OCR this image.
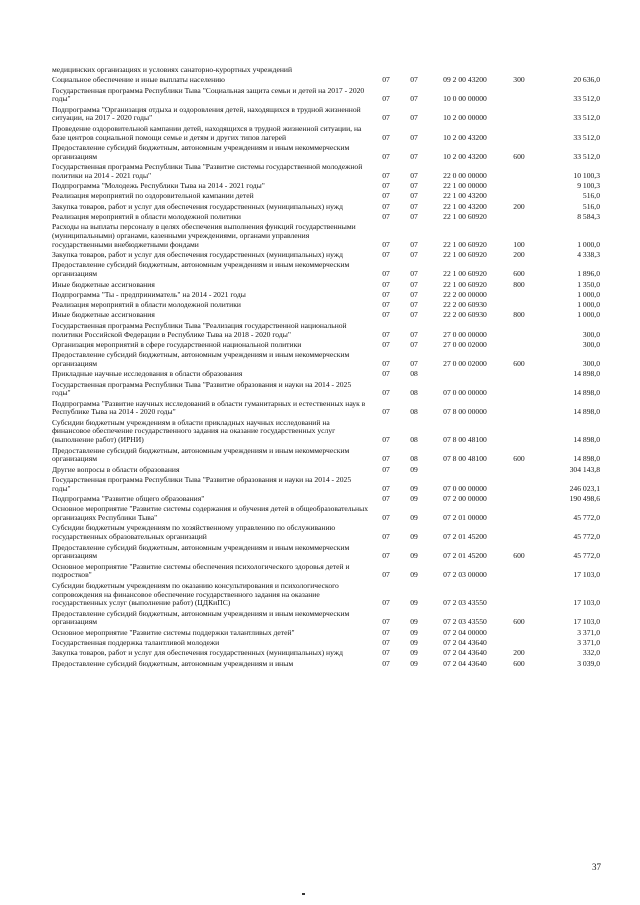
медицинских организациях и условиях санаторно-курортных учреждений
Социальное обеспечение и иные выплаты населению	07	07	09 2 00 43200	300	20 636,0
Государственная программа Республики Тыва "Социальная защита семьи и детей на 2017 - 2020 годы"	07	07	10 0 00 00000	33 512,0
Подпрограмма "Организация отдыха и оздоровления детей, находящихся в трудной жизненной ситуации, на 2017 - 2020 годы"	07	07	10 2 00 00000	33 512,0
Проведение оздоровительной кампании детей, находящихся в трудной жизненной ситуации, на базе центров социальной помощи семье и детям и других типов лагерей	07	07	10 2 00 43200	33 512,0
Предоставление субсидий бюджетным, автономным учреждениям и иным некоммерческим организациям	07	07	10 2 00 43200	600	33 512,0
Государственная программа Республики Тыва "Развитие системы государственной молодежной политики на 2014 - 2021 годы"	07	07	22 0 00 00000	10 100,3
Подпрограмма "Молодежь Республики Тыва на 2014 - 2021 годы"	07	07	22 1 00 00000	9 100,3
Реализация мероприятий по оздоровительной кампании детей	07	07	22 1 00 43200	516,0
Закупка товаров, работ и услуг для обеспечения государственных (муниципальных) нужд	07	07	22 1 00 43200	200	516,0
Реализация мероприятий в области молодежной политики	07	07	22 1 00 60920	8 584,3
Расходы на выплаты персоналу в целях обеспечения выполнения функций государственными (муниципальными) органами, казенными учреждениями, органами управления государственными внебюджетными фондами	07	07	22 1 00 60920	100	1 000,0
Закупка товаров, работ и услуг для обеспечения государственных (муниципальных) нужд	07	07	22 1 00 60920	200	4 338,3
Предоставление субсидий бюджетным, автономным учреждениям и иным некоммерческим организациям	07	07	22 1 00 60920	600	1 896,0
Иные бюджетные ассигнования	07	07	22 1 00 60920	800	1 350,0
Подпрограмма "Ты - предприниматель" на 2014 - 2021 годы	07	07	22 2 00 00000	1 000,0
Реализация мероприятий в области молодежной политики	07	07	22 2 00 60930	1 000,0
Иные бюджетные ассигнования	07	07	22 2 00 60930	800	1 000,0
Государственная программа Республики Тыва "Реализация государственной национальной политики Российской Федерации в Республике Тыва на 2018 - 2020 годы"	07	07	27 0 00 00000	300,0
Организация мероприятий в сфере государственной национальной политики	07	07	27 0 00 02000	300,0
Предоставление субсидий бюджетным, автономным учреждениям и иным некоммерческим организациям	07	07	27 0 00 02000	600	300,0
Прикладные научные исследования в области образования	07	08	14 898,0
Государственная программа Республики Тыва "Развитие образования и науки на 2014 - 2025 годы"	07	08	07 0 00 00000	14 898,0
Подпрограмма "Развитие научных исследований в области гуманитарных и естественных наук в Республике Тыва на 2014 - 2020 годы"	07	08	07 8 00 00000	14 898,0
Субсидии бюджетным учреждениям в области прикладных научных исследований на финансовое обеспечение государственного задания на оказание государственных услуг (выполнение работ) (ИРНИ)	07	08	07 8 00 48100	14 898,0
Предоставление субсидий бюджетным, автономным учреждениям и иным некоммерческим организациям	07	08	07 8 00 48100	600	14 898,0
Другие вопросы в области образования	07	09	304 143,8
Государственная программа Республики Тыва "Развитие образования и науки на 2014 - 2025 годы"	07	09	07 0 00 00000	246 023,1
Подпрограмма "Развитие общего образования"	07	09	07 2 00 00000	190 498,6
Основное мероприятие "Развитие системы содержания и обучения детей в общеобразовательных организациях Республики Тыва"	07	09	07 2 01 00000	45 772,0
Субсидии бюджетным учреждениям по хозяйственному управлению по обслуживанию государственных образовательных организаций	07	09	07 2 01 45200	45 772,0
Предоставление субсидий бюджетным, автономным учреждениям и иным некоммерческим организациям	07	09	07 2 01 45200	600	45 772,0
Основное мероприятие "Развитие системы обеспечения психологического здоровья детей и подростков"	07	09	07 2 03 00000	17 103,0
Субсидии бюджетным учреждениям по оказанию консультирования и психологического сопровождения на финансовое обеспечение государственного задания на оказание государственных услуг (выполнение работ) (ЦДКиПС)	07	09	07 2 03 43550	17 103,0
Предоставление субсидий бюджетным, автономным учреждениям и иным некоммерческим организациям	07	09	07 2 03 43550	600	17 103,0
Основное мероприятие "Развитие системы поддержки талантливых детей"	07	09	07 2 04 00000	3 371,0
Государственная поддержка талантливой молодежи	07	09	07 2 04 43640	3 371,0
Закупка товаров, работ и услуг для обеспечения государственных (муниципальных) нужд	07	09	07 2 04 43640	200	332,0
Предоставление субсидий бюджетным, автономным учреждениям и иным	07	09	07 2 04 43640	600	3 039,0
37
